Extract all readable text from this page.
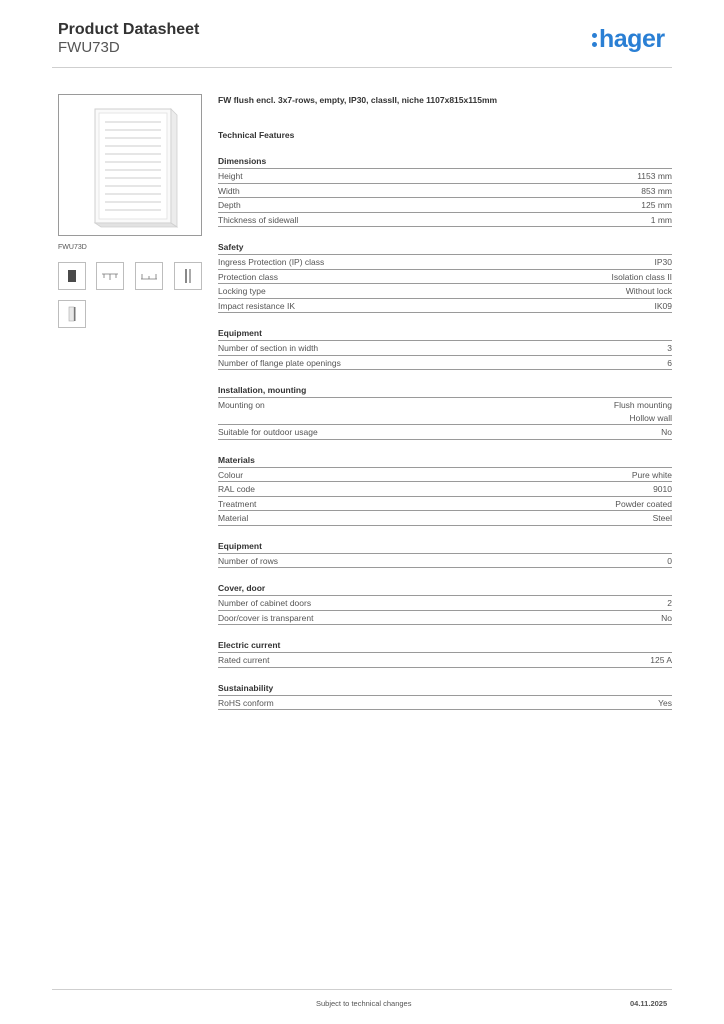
Product Datasheet
FWU73D	hager
FWU73D

FW flush encl. 3x7-rows, empty, IP30, classII, niche 1107x815x115mm

Technical Features
Dimensions
Height	1153 mm
Width	853 mm
Depth	125 mm
Thickness of sidewall	1 mm
Safety
Ingress Protection (IP) class	IP30
Protection class	Isolation class II
Locking type	Without lock
Impact resistance IK	IK09
Equipment
Number of section in width	3
Number of flange plate openings	6
Installation, mounting
Mounting on	Flush mounting
Hollow wall
Suitable for outdoor usage	No
Materials
Colour	Pure white
RAL code	9010
Treatment	Powder coated
Material	Steel
Equipment
Number of rows	0
Cover, door
Number of cabinet doors	2
Door/cover is transparent	No
Electric current
Rated current	125 A
Sustainability
RoHS conform	Yes
Subject to technical changes	04.11.2025
